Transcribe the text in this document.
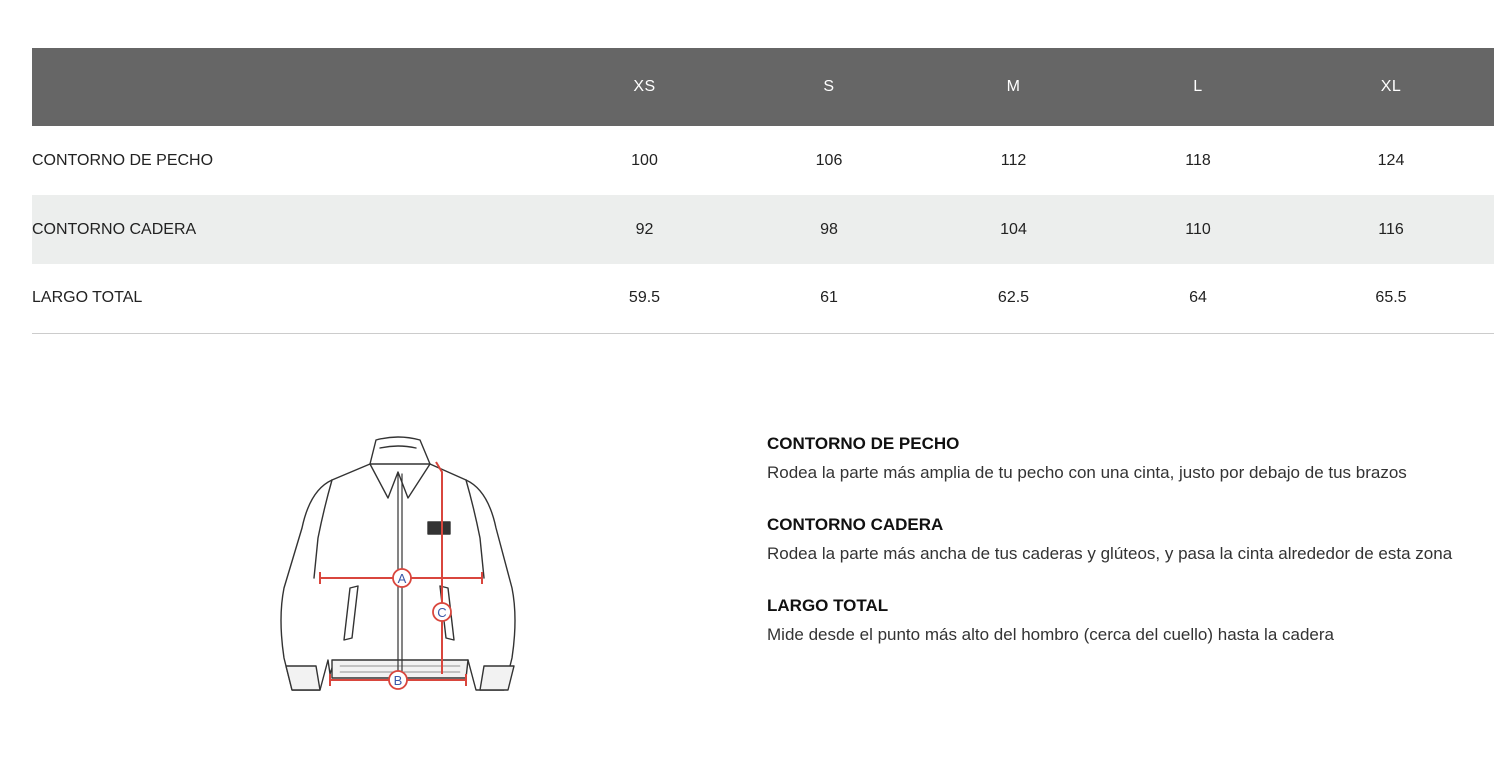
	XS	S	M	L	XL
CONTORNO DE PECHO	100	106	112	118	124
CONTORNO CADERA	92	98	104	110	116
LARGO TOTAL	59.5	61	62.5	64	65.5
A
B
C
CONTORNO DE PECHO
Rodea la parte más amplia de tu pecho con una cinta, justo por debajo de tus brazos
CONTORNO CADERA
Rodea la parte más ancha de tus caderas y glúteos, y pasa la cinta alrededor de esta zona
LARGO TOTAL
Mide desde el punto más alto del hombro (cerca del cuello) hasta la cadera
